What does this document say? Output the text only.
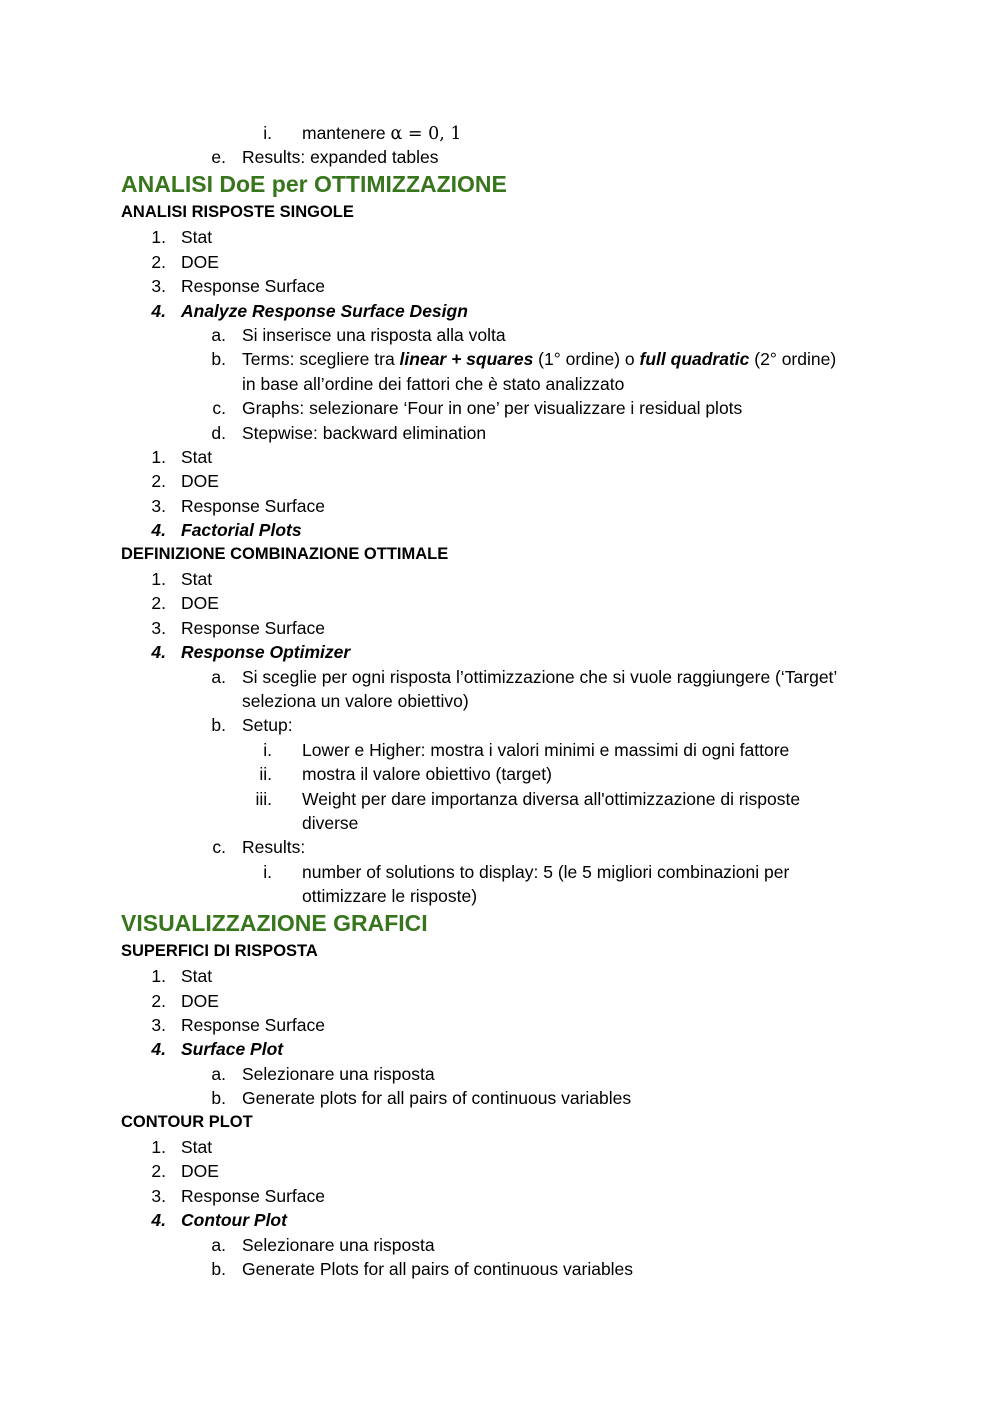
i. mantenere α = 0, 1
e. Results: expanded tables
ANALISI DoE per OTTIMIZZAZIONE
ANALISI RISPOSTE SINGOLE
1. Stat
2. DOE
3. Response Surface
4. Analyze Response Surface Design
a. Si inserisce una risposta alla volta
b. Terms: scegliere tra linear + squares (1° ordine) o full quadratic (2° ordine)
in base all’ordine dei fattori che è stato analizzato
c. Graphs: selezionare ‘Four in one’ per visualizzare i residual plots
d. Stepwise: backward elimination
1. Stat
2. DOE
3. Response Surface
4. Factorial Plots
DEFINIZIONE COMBINAZIONE OTTIMALE
1. Stat
2. DOE
3. Response Surface
4. Response Optimizer
a. Si sceglie per ogni risposta l’ottimizzazione che si vuole raggiungere (‘Target’
seleziona un valore obiettivo)
b. Setup:
i. Lower e Higher: mostra i valori minimi e massimi di ogni fattore
ii. mostra il valore obiettivo (target)
iii. Weight per dare importanza diversa all'ottimizzazione di risposte
diverse
c. Results:
i. number of solutions to display: 5 (le 5 migliori combinazioni per
ottimizzare le risposte)
VISUALIZZAZIONE GRAFICI
SUPERFICI DI RISPOSTA
1. Stat
2. DOE
3. Response Surface
4. Surface Plot
a. Selezionare una risposta
b. Generate plots for all pairs of continuous variables
CONTOUR PLOT
1. Stat
2. DOE
3. Response Surface
4. Contour Plot
a. Selezionare una risposta
b. Generate Plots for all pairs of continuous variables
